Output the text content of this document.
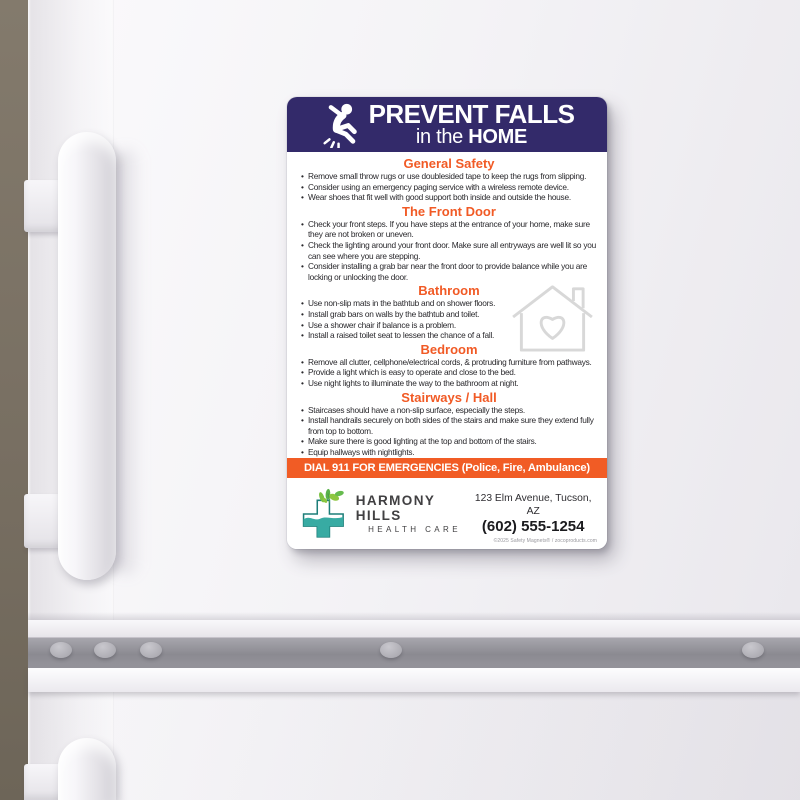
PREVENT FALLS
in the HOME
General Safety
• Remove small throw rugs or use doublesided tape to keep the rugs from slipping.
• Consider using an emergency paging service with a wireless remote device.
• Wear shoes that fit well with good support both inside and outside the house.
The Front Door
• Check your front steps. If you have steps at the entrance of your home, make sure they are not broken or uneven.
• Check the lighting around your front door. Make sure all entryways are well lit so you can see where you are stepping.
• Consider installing a grab bar near the front door to provide balance while you are locking or unlocking the door.
Bathroom
• Use non-slip mats in the bathtub and on shower floors.
• Install grab bars on walls by the bathtub and toilet.
• Use a shower chair if balance is a problem.
• Install a raised toilet seat to lessen the chance of a fall.
Bedroom
• Remove all clutter, cellphone/electrical cords, & protruding furniture from pathways.
• Provide a light which is easy to operate and close to the bed.
• Use night lights to illuminate the way to the bathroom at night.
Stairways / Hall
• Staircases should have a non-slip surface, especially the steps.
• Install handrails securely on both sides of the stairs and make sure they extend fully from top to bottom.
• Make sure there is good lighting at the top and bottom of the stairs.
• Equip hallways with nightlights.
DIAL 911 FOR EMERGENCIES (Police, Fire, Ambulance)
HARMONY HILLS
HEALTH CARE
123 Elm Avenue, Tucson, AZ
(602) 555-1254
©2025 Safety Magnets® / zocoproducts.com
